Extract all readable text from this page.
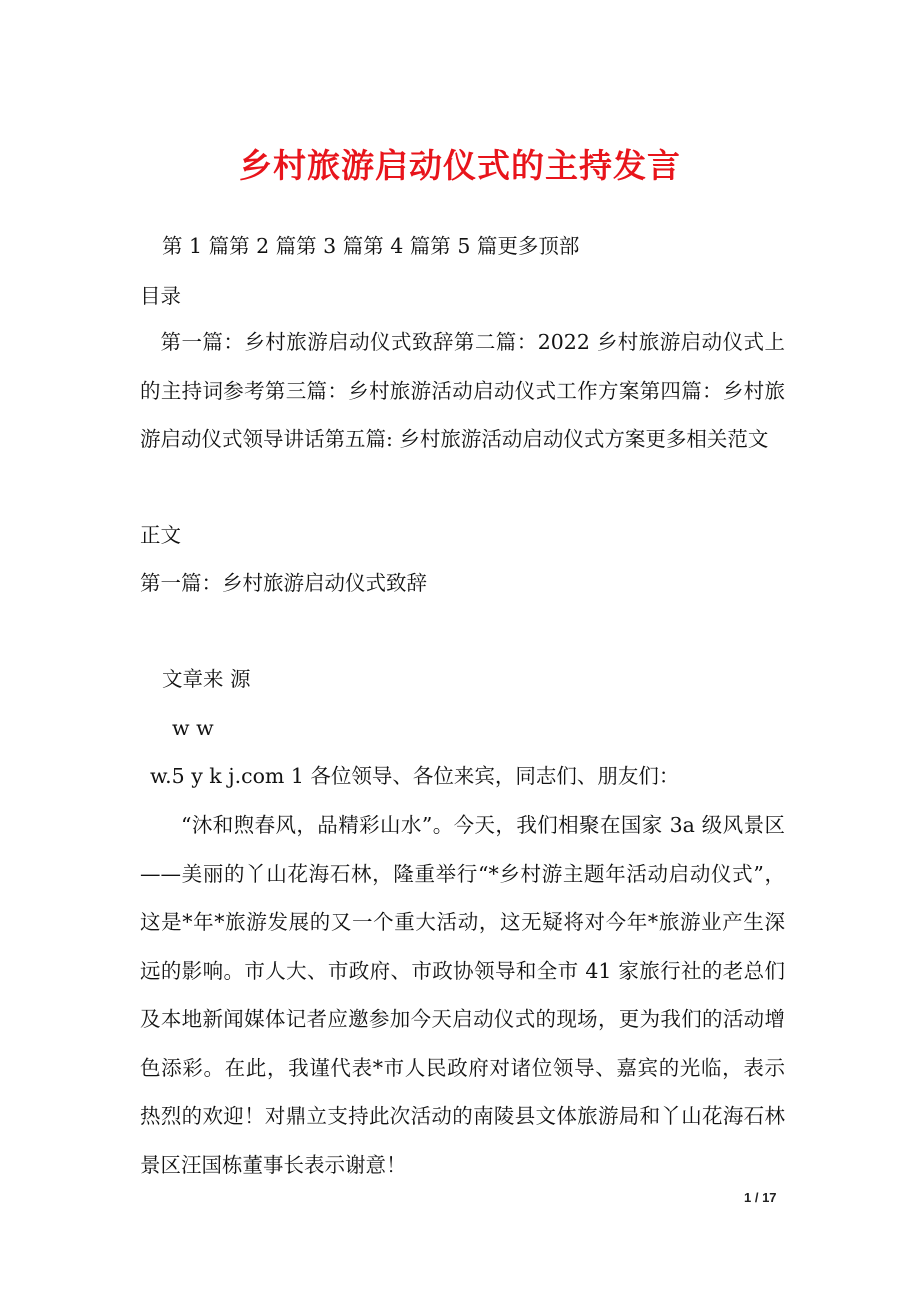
乡村旅游启动仪式的主持发言

第 1 篇第 2 篇第 3 篇第 4 篇第 5 篇更多顶部

目录

第一篇：乡村旅游启动仪式致辞第二篇：2022 乡村旅游启动仪式上的主持词参考第三篇：乡村旅游活动启动仪式工作方案第四篇：乡村旅游启动仪式领导讲话第五篇: 乡村旅游活动启动仪式方案更多相关范文

正文

第一篇：乡村旅游启动仪式致辞

文章来 源

w w

w.5 y k j.com 1 各位领导、各位来宾，同志们、朋友们：

“沐和煦春风，品精彩山水”。今天，我们相聚在国家 3a 级风景区——美丽的丫山花海石林，隆重举行“*乡村游主题年活动启动仪式”，这是*年*旅游发展的又一个重大活动，这无疑将对今年*旅游业产生深远的影响。市人大、市政府、市政协领导和全市 41 家旅行社的老总们及本地新闻媒体记者应邀参加今天启动仪式的现场，更为我们的活动增色添彩。在此，我谨代表*市人民政府对诸位领导、嘉宾的光临，表示热烈的欢迎！对鼎立支持此次活动的南陵县文体旅游局和丫山花海石林景区汪国栋董事长表示谢意！

1 / 17
